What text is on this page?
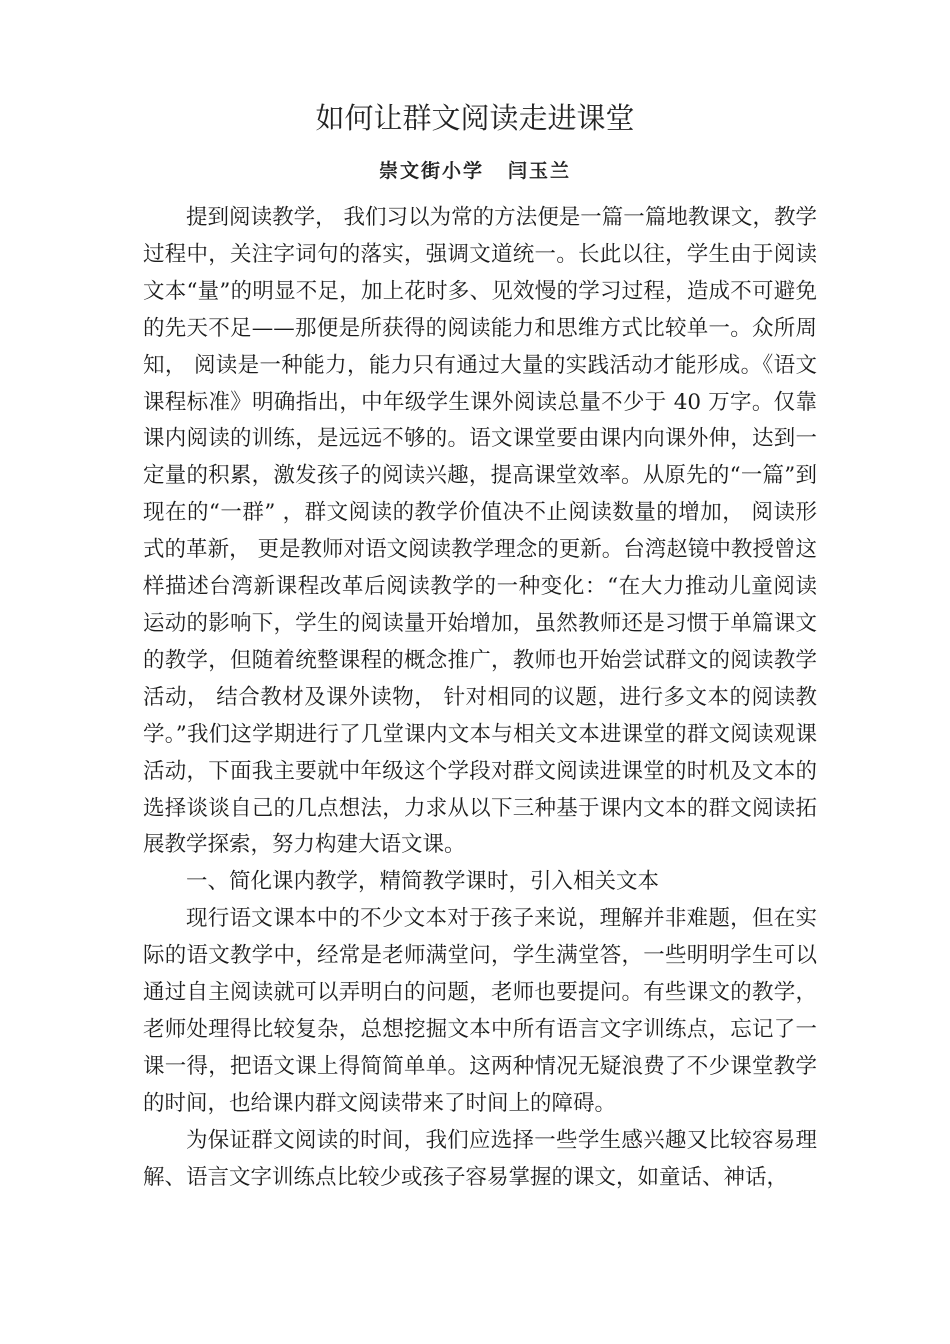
如何让群文阅读走进课堂
崇文街小学 闫玉兰

提到阅读教学， 我们习以为常的方法便是一篇一篇地教课文，教学过程中，关注字词句的落实，强调文道统一。长此以往，学生由于阅读文本“量”的明显不足，加上花时多、见效慢的学习过程，造成不可避免的先天不足——那便是所获得的阅读能力和思维方式比较单一。众所周知， 阅读是一种能力，能力只有通过大量的实践活动才能形成。《语文课程标准》明确指出，中年级学生课外阅读总量不少于 40 万字。仅靠课内阅读的训练，是远远不够的。语文课堂要由课内向课外伸，达到一定量的积累，激发孩子的阅读兴趣，提高课堂效率。从原先的“一篇”到现在的“一群” ，群文阅读的教学价值决不止阅读数量的增加， 阅读形式的革新， 更是教师对语文阅读教学理念的更新。台湾赵镜中教授曾这样描述台湾新课程改革后阅读教学的一种变化：“在大力推动儿童阅读运动的影响下，学生的阅读量开始增加，虽然教师还是习惯于单篇课文的教学，但随着统整课程的概念推广，教师也开始尝试群文的阅读教学活动， 结合教材及课外读物， 针对相同的议题，进行多文本的阅读教学。”我们这学期进行了几堂课内文本与相关文本进课堂的群文阅读观课活动，下面我主要就中年级这个学段对群文阅读进课堂的时机及文本的选择谈谈自己的几点想法，力求从以下三种基于课内文本的群文阅读拓展教学探索，努力构建大语文课。

一、简化课内教学，精简教学课时，引入相关文本

现行语文课本中的不少文本对于孩子来说，理解并非难题，但在实际的语文教学中，经常是老师满堂问，学生满堂答，一些明明学生可以通过自主阅读就可以弄明白的问题，老师也要提问。有些课文的教学，老师处理得比较复杂，总想挖掘文本中所有语言文字训练点，忘记了一课一得，把语文课上得简简单单。这两种情况无疑浪费了不少课堂教学的时间，也给课内群文阅读带来了时间上的障碍。

为保证群文阅读的时间，我们应选择一些学生感兴趣又比较容易理解、语言文字训练点比较少或孩子容易掌握的课文，如童话、神话，
